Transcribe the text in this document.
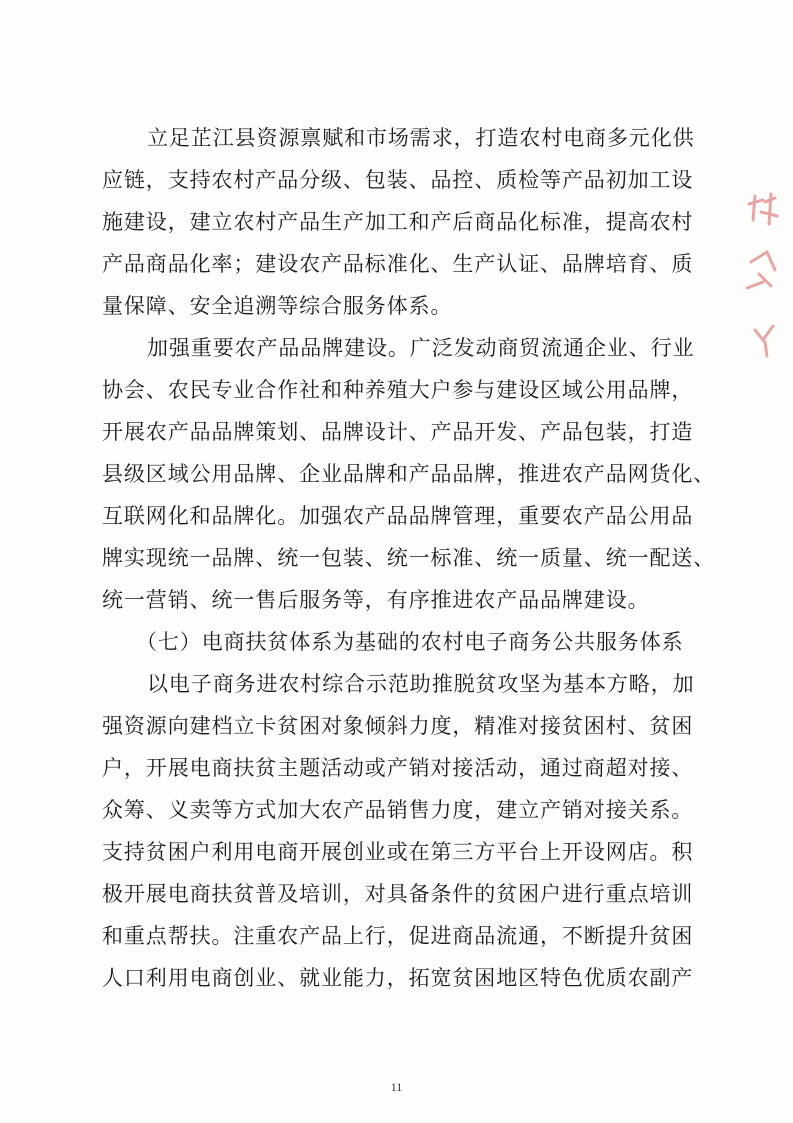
立足芷江县资源禀赋和市场需求，打造农村电商多元化供
应链，支持农村产品分级、包装、品控、质检等产品初加工设
施建设，建立农村产品生产加工和产后商品化标准，提高农村
产品商品化率；建设农产品标准化、生产认证、品牌培育、质
量保障、安全追溯等综合服务体系。
加强重要农产品品牌建设。广泛发动商贸流通企业、行业
协会、农民专业合作社和种养殖大户参与建设区域公用品牌，
开展农产品品牌策划、品牌设计、产品开发、产品包装，打造
县级区域公用品牌、企业品牌和产品品牌，推进农产品网货化、
互联网化和品牌化。加强农产品品牌管理，重要农产品公用品
牌实现统一品牌、统一包装、统一标准、统一质量、统一配送、
统一营销、统一售后服务等，有序推进农产品品牌建设。
（七）电商扶贫体系为基础的农村电子商务公共服务体系
以电子商务进农村综合示范助推脱贫攻坚为基本方略，加
强资源向建档立卡贫困对象倾斜力度，精准对接贫困村、贫困
户，开展电商扶贫主题活动或产销对接活动，通过商超对接、
众筹、义卖等方式加大农产品销售力度，建立产销对接关系。
支持贫困户利用电商开展创业或在第三方平台上开设网店。积
极开展电商扶贫普及培训，对具备条件的贫困户进行重点培训
和重点帮扶。注重农产品上行，促进商品流通，不断提升贫困
人口利用电商创业、就业能力，拓宽贫困地区特色优质农副产
11
